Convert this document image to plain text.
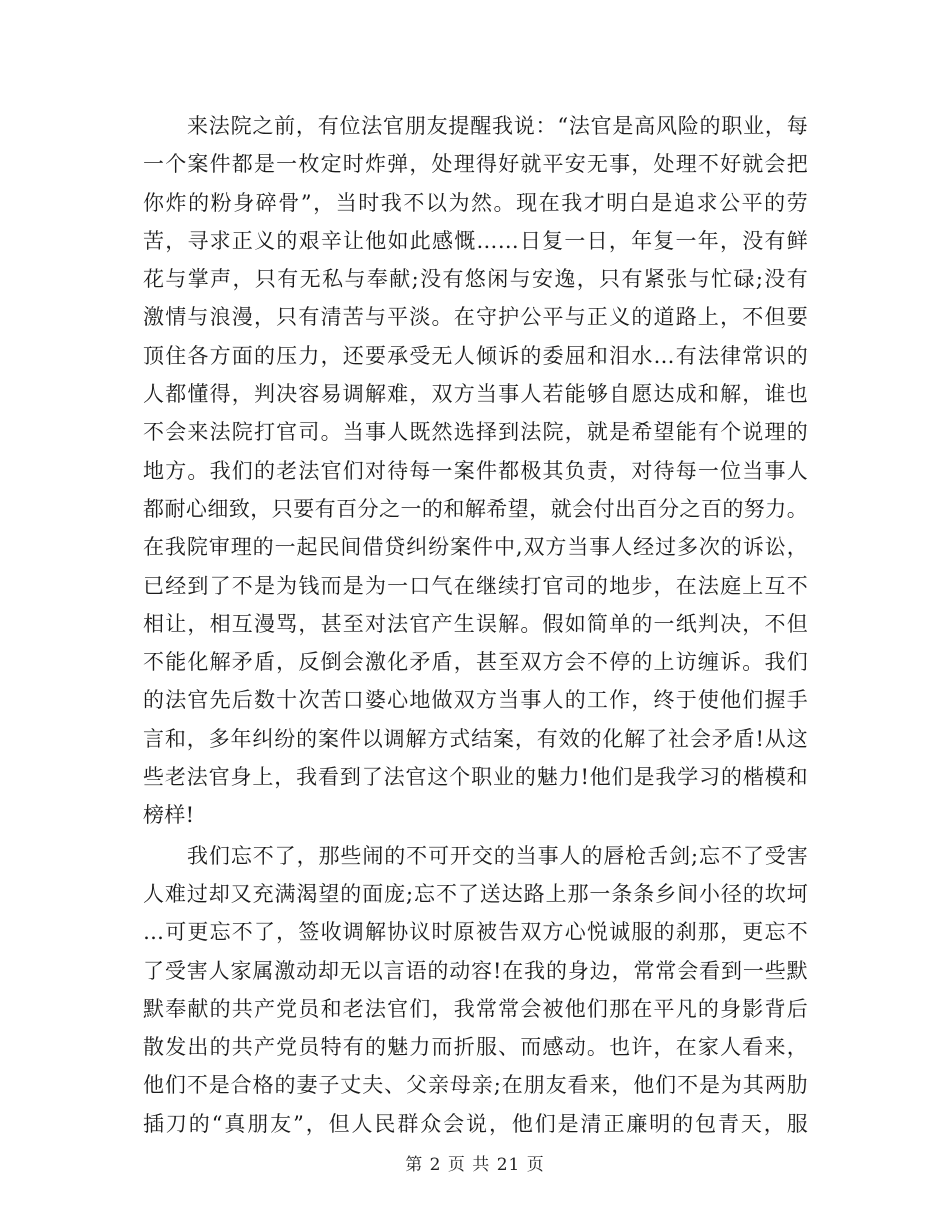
来法院之前，有位法官朋友提醒我说：“法官是高风险的职业，每
一个案件都是一枚定时炸弹，处理得好就平安无事，处理不好就会把
你炸的粉身碎骨”，当时我不以为然。现在我才明白是追求公平的劳
苦，寻求正义的艰辛让他如此感慨……日复一日，年复一年，没有鲜
花与掌声，只有无私与奉献;没有悠闲与安逸，只有紧张与忙碌;没有
激情与浪漫，只有清苦与平淡。在守护公平与正义的道路上，不但要
顶住各方面的压力，还要承受无人倾诉的委屈和泪水…有法律常识的
人都懂得，判决容易调解难，双方当事人若能够自愿达成和解，谁也
不会来法院打官司。当事人既然选择到法院，就是希望能有个说理的
地方。我们的老法官们对待每一案件都极其负责，对待每一位当事人
都耐心细致，只要有百分之一的和解希望，就会付出百分之百的努力。
在我院审理的一起民间借贷纠纷案件中,双方当事人经过多次的诉讼，
已经到了不是为钱而是为一口气在继续打官司的地步，在法庭上互不
相让，相互漫骂，甚至对法官产生误解。假如简单的一纸判决，不但
不能化解矛盾，反倒会激化矛盾，甚至双方会不停的上访缠诉。我们
的法官先后数十次苦口婆心地做双方当事人的工作，终于使他们握手
言和，多年纠纷的案件以调解方式结案，有效的化解了社会矛盾!从这
些老法官身上，我看到了法官这个职业的魅力!他们是我学习的楷模和
榜样!
我们忘不了，那些闹的不可开交的当事人的唇枪舌剑;忘不了受害
人难过却又充满渴望的面庞;忘不了送达路上那一条条乡间小径的坎坷
…可更忘不了，签收调解协议时原被告双方心悦诚服的刹那，更忘不
了受害人家属激动却无以言语的动容!在我的身边，常常会看到一些默
默奉献的共产党员和老法官们，我常常会被他们那在平凡的身影背后
散发出的共产党员特有的魅力而折服、而感动。也许，在家人看来，
他们不是合格的妻子丈夫、父亲母亲;在朋友看来，他们不是为其两肋
插刀的“真朋友”，但人民群众会说，他们是清正廉明的包青天，服
第 2 页 共 21 页
